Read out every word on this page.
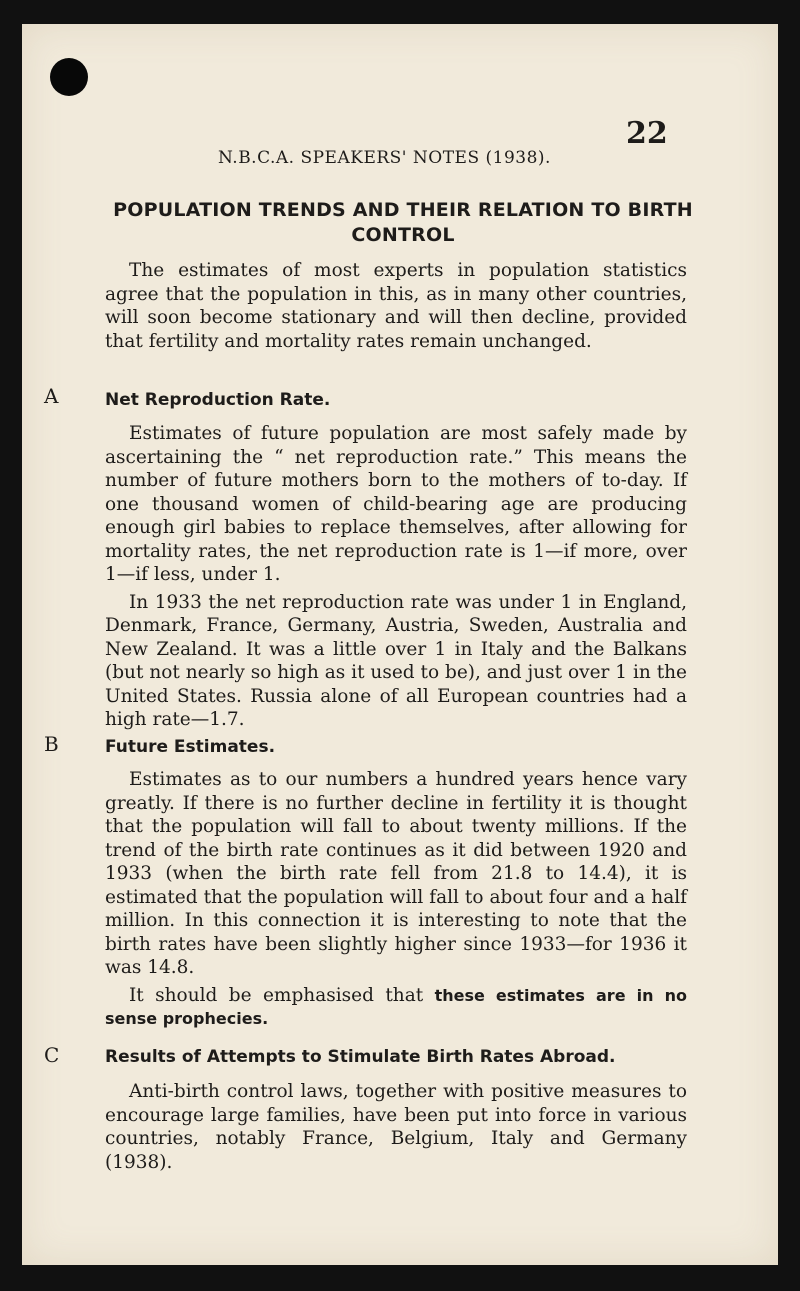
22
N.B.C.A. SPEAKERS' NOTES (1938).
POPULATION TRENDS AND THEIR RELATION TO BIRTH CONTROL

The estimates of most experts in population statistics agree that the population in this, as in many other countries, will soon become stationary and will then decline, provided that fertility and mortality rates remain unchanged.

A	Net Reproduction Rate.

Estimates of future population are most safely made by ascertaining the “ net reproduction rate.” This means the number of future mothers born to the mothers of to-day. If one thousand women of child-bearing age are producing enough girl babies to replace themselves, after allowing for mortality rates, the net reproduction rate is 1—if more, over 1—if less, under 1.

In 1933 the net reproduction rate was under 1 in England, Denmark, France, Germany, Austria, Sweden, Australia and New Zealand. It was a little over 1 in Italy and the Balkans (but not nearly so high as it used to be), and just over 1 in the United States. Russia alone of all European countries had a high rate—1.7.

B	Future Estimates.

Estimates as to our numbers a hundred years hence vary greatly. If there is no further decline in fertility it is thought that the population will fall to about twenty millions. If the trend of the birth rate continues as it did between 1920 and 1933 (when the birth rate fell from 21.8 to 14.4), it is estimated that the population will fall to about four and a half million. In this connection it is interesting to note that the birth rates have been slightly higher since 1933—for 1936 it was 14.8.

It should be emphasised that these estimates are in no sense prophecies.

C	Results of Attempts to Stimulate Birth Rates Abroad.

Anti-birth control laws, together with positive measures to encourage large families, have been put into force in various countries, notably France, Belgium, Italy and Germany (1938).
